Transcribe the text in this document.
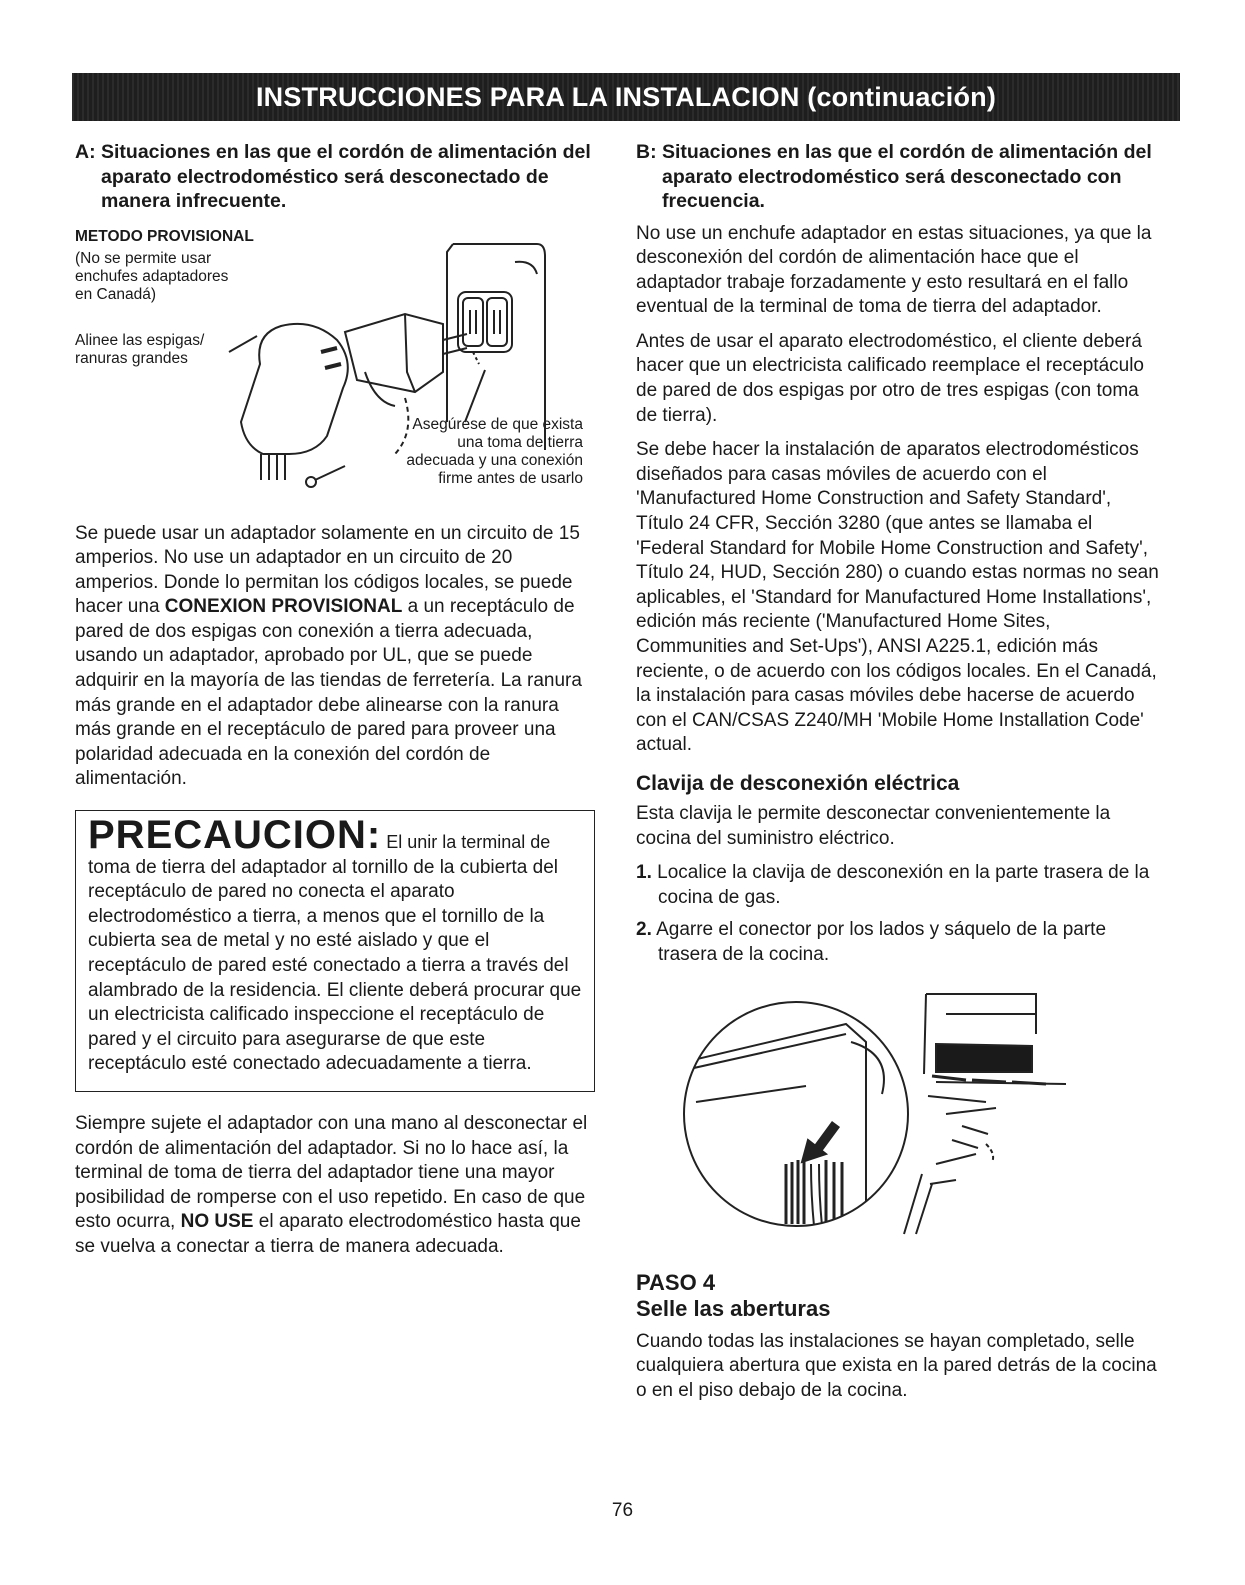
INSTRUCCIONES PARA LA INSTALACION (continuación)
A: Situaciones en las que el cordón de alimentación del aparato electrodoméstico será desconectado de manera infrecuente.
METODO PROVISIONAL
(No se permite usar
enchufes adaptadores
en Canadá)
Alinee las espigas/
ranuras grandes
Asegúrese de que exista
una toma de tierra
adecuada y una conexión
firme antes de usarlo

Se puede usar un adaptador solamente en un circuito de 15 amperios. No use un adaptador en un circuito de 20 amperios. Donde lo permitan los códigos locales, se puede hacer una CONEXION PROVISIONAL a un receptáculo de pared de dos espigas con conexión a tierra adecuada, usando un adaptador, aprobado por UL, que se puede adquirir en la mayoría de las tiendas de ferretería. La ranura más grande en el adaptador debe alinearse con la ranura más grande en el receptáculo de pared para proveer una polaridad adecuada en la conexión del cordón de alimentación.

PRECAUCION: El unir la terminal de
toma de tierra del adaptador al tornillo de la cubierta del receptáculo de pared no conecta el aparato electrodoméstico a tierra, a menos que el tornillo de la cubierta sea de metal y no esté aislado y que el receptáculo de pared esté conectado a tierra a través del alambrado de la residencia. El cliente deberá procurar que un electricista calificado inspeccione el receptáculo de pared y el circuito para asegurarse de que este receptáculo esté conectado adecuadamente a tierra.

Siempre sujete el adaptador con una mano al desconectar el cordón de alimentación del adaptador. Si no lo hace así, la terminal de toma de tierra del adaptador tiene una mayor posibilidad de romperse con el uso repetido. En caso de que esto ocurra, NO USE el aparato electrodoméstico hasta que se vuelva a conectar a tierra de manera adecuada.

B: Situaciones en las que el cordón de alimentación del aparato electrodoméstico será desconectado con frecuencia.

No use un enchufe adaptador en estas situaciones, ya que la desconexión del cordón de alimentación hace que el adaptador trabaje forzadamente y esto resultará en el fallo eventual de la terminal de toma de tierra del adaptador.

Antes de usar el aparato electrodoméstico, el cliente deberá hacer que un electricista calificado reemplace el receptáculo de pared de dos espigas por otro de tres espigas (con toma de tierra).

Se debe hacer la instalación de aparatos electrodomésticos diseñados para casas móviles de acuerdo con el 'Manufactured Home Construction and Safety Standard', Título 24 CFR, Sección 3280 (que antes se llamaba el 'Federal Standard for Mobile Home Construction and Safety', Título 24, HUD, Sección 280) o cuando estas normas no sean aplicables, el 'Standard for Manufactured Home Installations', edición más reciente ('Manufactured Home Sites, Communities and Set-Ups'), ANSI A225.1, edición más reciente, o de acuerdo con los códigos locales. En el Canadá, la instalación para casas móviles debe hacerse de acuerdo con el CAN/CSAS Z240/MH 'Mobile Home Installation Code' actual.

Clavija de desconexión eléctrica

Esta clavija le permite desconectar convenientemente la cocina del suministro eléctrico.

1. Localice la clavija de desconexión en la parte trasera de la cocina de gas.
2. Agarre el conector por los lados y sáquelo de la parte trasera de la cocina.
PASO 4
Selle las aberturas

Cuando todas las instalaciones se hayan completado, selle cualquiera abertura que exista en la pared detrás de la cocina o en el piso debajo de la cocina.

76
